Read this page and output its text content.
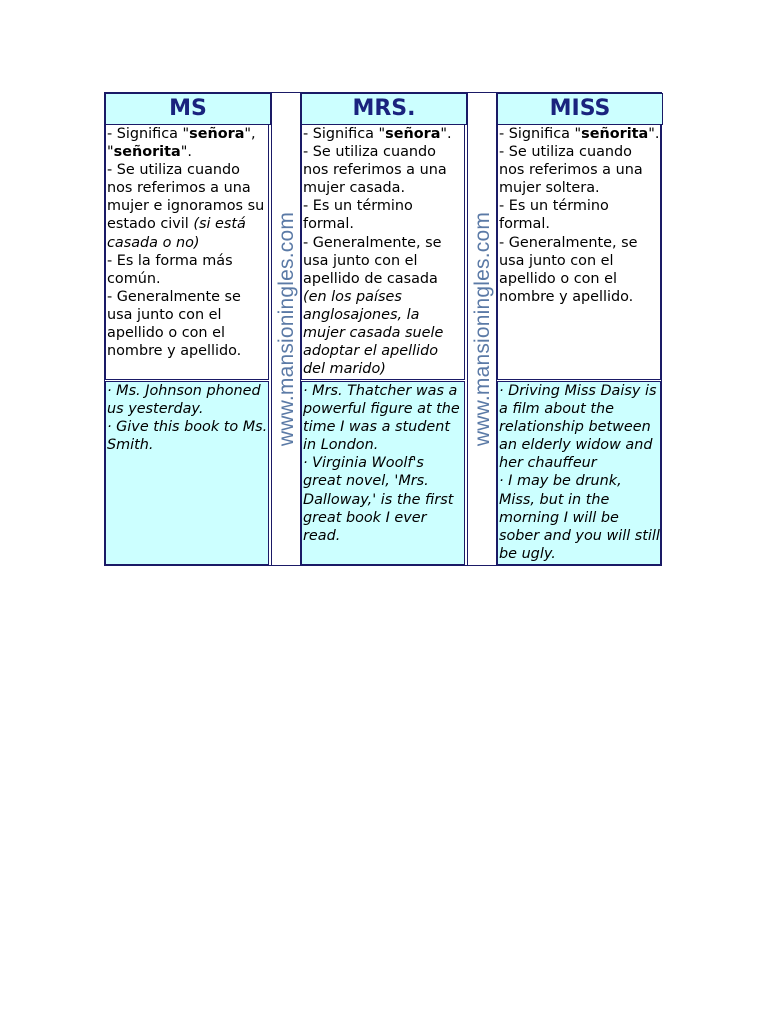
MS
- Significa "señora", "señorita".
- Se utiliza cuando nos referimos a una mujer e ignoramos su estado civil (si está casada o no)
- Es la forma más común.
- Generalmente se usa junto con el apellido o con el nombre y apellido.

· Ms. Johnson phoned us yesterday.

· Give this book to Ms. Smith.	www.mansioningles.com
MRS.
- Significa "señora".
- Se utiliza cuando nos referimos a una mujer casada.
- Es un término formal.
- Generalmente, se usa junto con el apellido de casada (en los países anglosajones, la mujer casada suele adoptar el apellido del marido)

· Mrs. Thatcher was a powerful figure at the time I was a student in London.

· Virginia Woolf's great novel, 'Mrs. Dalloway,' is the first great book I ever read.

www.mansioningles.com
MISS
- Significa "señorita".
- Se utiliza cuando nos referimos a una mujer soltera.
- Es un término formal.
- Generalmente, se usa junto con el apellido o con el nombre y apellido.

· Driving Miss Daisy is a film about the relationship between an elderly widow and her chauffeur

· I may be drunk, Miss, but in the morning I will be sober and you will still be ugly.
